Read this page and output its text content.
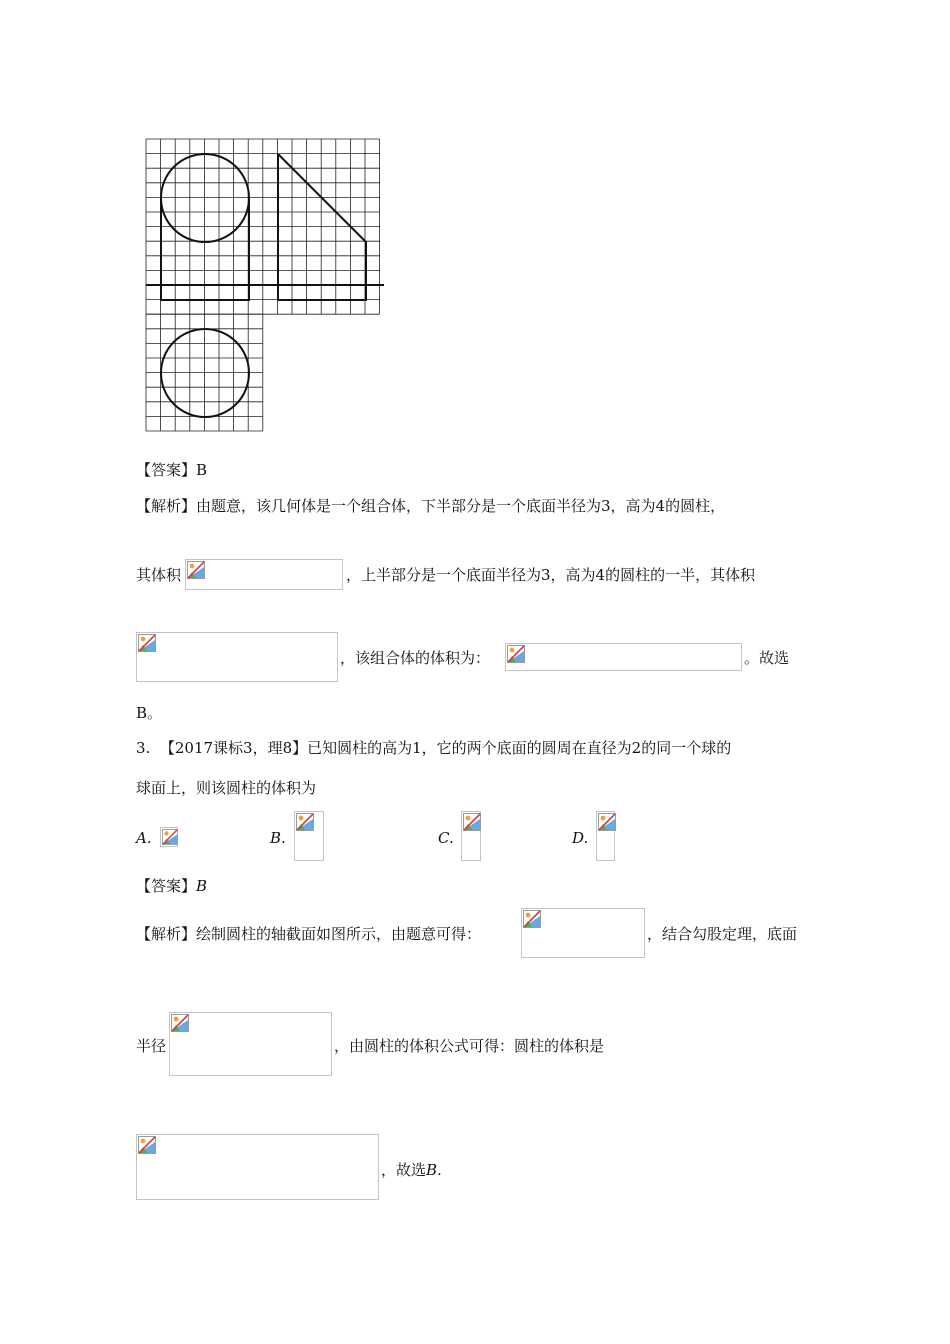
【答案】B
【解析】由题意，该几何体是一个组合体，下半部分是一个底面半径为3，高为4的圆柱，
其体积	，上半部分是一个底面半径为3，高为4的圆柱的一半，其体积
，该组合体的体积为：	。故选
B。
3. 【2017课标3，理8】已知圆柱的高为1，它的两个底面的圆周在直径为2的同一个球的
球面上，则该圆柱的体积为
A.	B.	C.	D.
【答案】B
【解析】绘制圆柱的轴截面如图所示，由题意可得：	，结合勾股定理，底面
半径	，由圆柱的体积公式可得：圆柱的体积是
，故选B.
